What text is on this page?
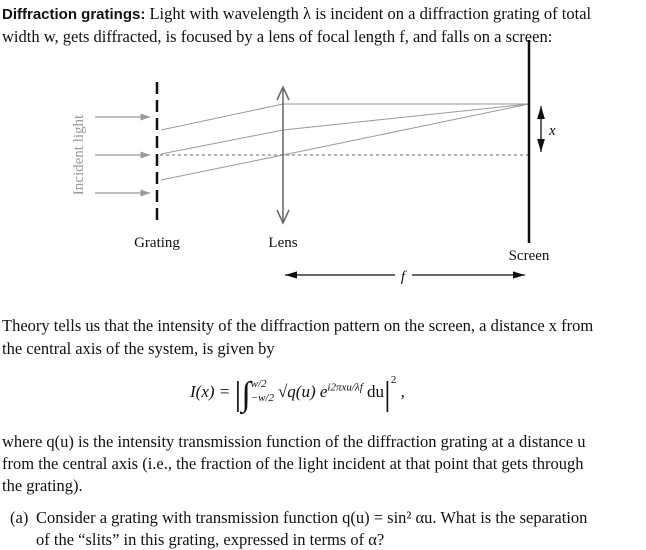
Diffraction gratings: Light with wavelength λ is incident on a diffraction grating of total
width w, gets diffracted, is focused by a lens of focal length f, and falls on a screen:
Incident light	x
Grating	Lens
Screen
f
Theory tells us that the intensity of the diffraction pattern on the screen, a distance x from
the central axis of the system, is given by
I(x) = |∫ w/2
−w/2 √q(u) $e^{i2\pi xu/\lambda f}$ $du|^2$ ,
where q(u) is the intensity transmission function of the diffraction grating at a distance u
from the central axis (i.e., the fraction of the light incident at that point that gets through
the grating).
(a) Consider a grating with transmission function q(u) = sin² αu. What is the separation
of the “slits” in this grating, expressed in terms of α?
